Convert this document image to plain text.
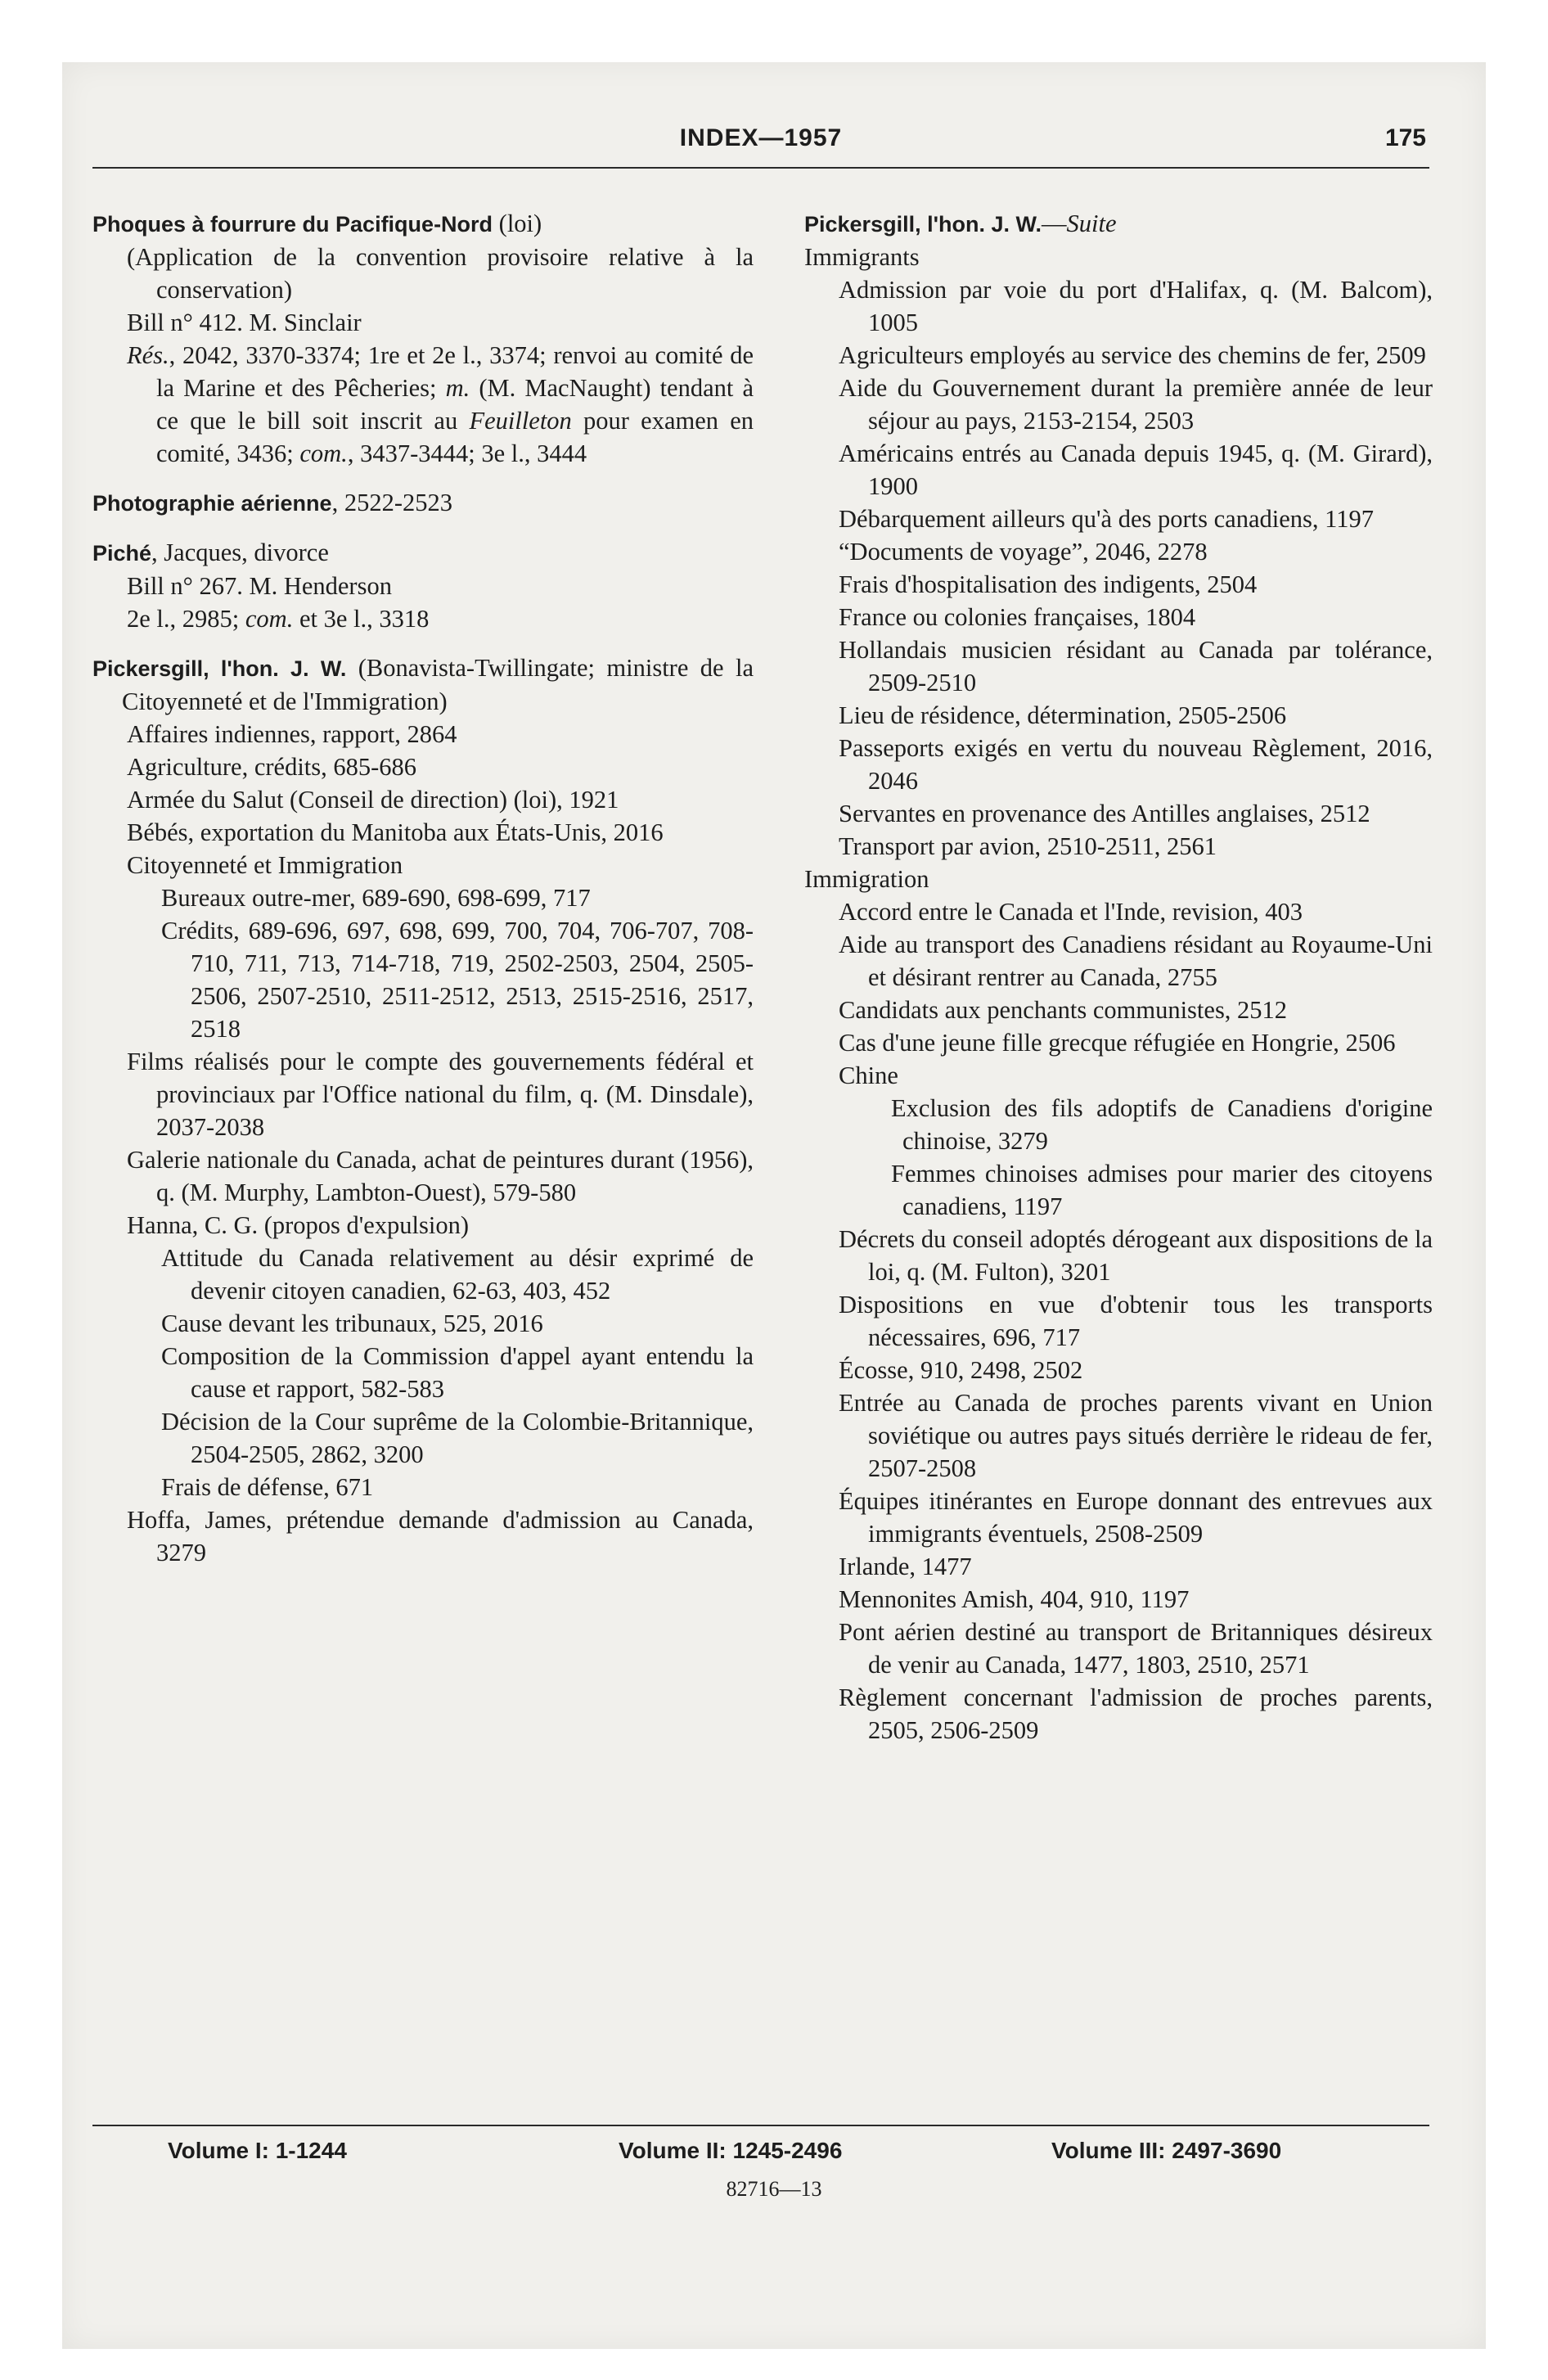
INDEX—1957	175
Phoques à fourrure du Pacifique-Nord (loi)
(Application de la convention provisoire relative à la conservation)
Bill n° 412. M. Sinclair
Rés., 2042, 3370-3374; 1re et 2e l., 3374; renvoi au comité de la Marine et des Pêcheries; m. (M. MacNaught) tendant à ce que le bill soit inscrit au Feuilleton pour examen en comité, 3436; com., 3437-3444; 3e l., 3444
Photographie aérienne, 2522-2523
Piché, Jacques, divorce
Bill n° 267. M. Henderson
2e l., 2985; com. et 3e l., 3318
Pickersgill, l'hon. J. W. (Bonavista-Twillingate; ministre de la Citoyenneté et de l'Immigration)
Affaires indiennes, rapport, 2864
Agriculture, crédits, 685-686
Armée du Salut (Conseil de direction) (loi), 1921
Bébés, exportation du Manitoba aux États-Unis, 2016
Citoyenneté et Immigration
Bureaux outre-mer, 689-690, 698-699, 717
Crédits, 689-696, 697, 698, 699, 700, 704, 706-707, 708-710, 711, 713, 714-718, 719, 2502-2503, 2504, 2505-2506, 2507-2510, 2511-2512, 2513, 2515-2516, 2517, 2518
Films réalisés pour le compte des gouvernements fédéral et provinciaux par l'Office national du film, q. (M. Dinsdale), 2037-2038
Galerie nationale du Canada, achat de peintures durant (1956), q. (M. Murphy, Lambton-Ouest), 579-580
Hanna, C. G. (propos d'expulsion)
Attitude du Canada relativement au désir exprimé de devenir citoyen canadien, 62-63, 403, 452
Cause devant les tribunaux, 525, 2016
Composition de la Commission d'appel ayant entendu la cause et rapport, 582-583
Décision de la Cour suprême de la Colombie-Britannique, 2504-2505, 2862, 3200
Frais de défense, 671
Hoffa, James, prétendue demande d'admission au Canada, 3279
Pickersgill, l'hon. J. W.—Suite
Immigrants
Admission par voie du port d'Halifax, q. (M. Balcom), 1005
Agriculteurs employés au service des chemins de fer, 2509
Aide du Gouvernement durant la première année de leur séjour au pays, 2153-2154, 2503
Américains entrés au Canada depuis 1945, q. (M. Girard), 1900
Débarquement ailleurs qu'à des ports canadiens, 1197
“Documents de voyage”, 2046, 2278
Frais d'hospitalisation des indigents, 2504
France ou colonies françaises, 1804
Hollandais musicien résidant au Canada par tolérance, 2509-2510
Lieu de résidence, détermination, 2505-2506
Passeports exigés en vertu du nouveau Règlement, 2016, 2046
Servantes en provenance des Antilles anglaises, 2512
Transport par avion, 2510-2511, 2561
Immigration
Accord entre le Canada et l'Inde, revision, 403
Aide au transport des Canadiens résidant au Royaume-Uni et désirant rentrer au Canada, 2755
Candidats aux penchants communistes, 2512
Cas d'une jeune fille grecque réfugiée en Hongrie, 2506
Chine
Exclusion des fils adoptifs de Canadiens d'origine chinoise, 3279
Femmes chinoises admises pour marier des citoyens canadiens, 1197
Décrets du conseil adoptés dérogeant aux dispositions de la loi, q. (M. Fulton), 3201
Dispositions en vue d'obtenir tous les transports nécessaires, 696, 717
Écosse, 910, 2498, 2502
Entrée au Canada de proches parents vivant en Union soviétique ou autres pays situés derrière le rideau de fer, 2507-2508
Équipes itinérantes en Europe donnant des entrevues aux immigrants éventuels, 2508-2509
Irlande, 1477
Mennonites Amish, 404, 910, 1197
Pont aérien destiné au transport de Britanniques désireux de venir au Canada, 1477, 1803, 2510, 2571
Règlement concernant l'admission de proches parents, 2505, 2506-2509
Volume I: 1-1244	Volume II: 1245-2496	Volume III: 2497-3690
82716—13
